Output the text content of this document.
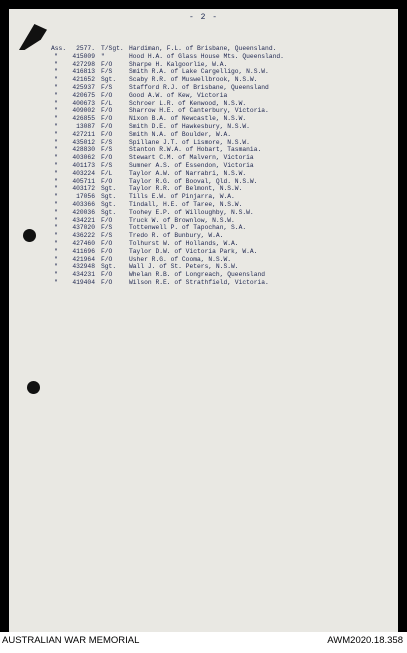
- 2 -
Ass.	2577. T/Sgt. Hardiman, F.L. of Brisbane, Queensland.
"	415009 "	Hood H.A. of Glass House Mts. Queensland.
"	427298 F/O	Sharpe H. Kalgoorlie, W.A.
"	416813 F/S	Smith R.A. of Lake Cargelligo, N.S.W.
"	421652 Sgt.	Scaby R.R. of Muswellbrook, N.S.W.
"	425937 F/S	Stafford R.J. of Brisbane, Queensland
"	420675 F/O	Good A.W. of Kew, Victoria
"	400673 F/L	Schroer L.R. of Kenwood, N.S.W.
"	409002 F/O	Sharrow H.E. of Canterbury, Victoria.
"	426855 F/O	Nixon B.A. of Newcastle, N.S.W.
"	13087 F/O	Smith D.E. of Hawkesbury, N.S.W.
"	427211 F/O	Smith N.A. of Boulder, W.A.
"	435012 F/S	Spillane J.T. of Lismore, N.S.W.
"	428830 F/S	Stanton R.W.A. of Hobart, Tasmania.
"	403062 F/O	Stewart C.M. of Malvern, Victoria
"	401173 F/S	Sumner A.S. of Essendon, Victoria
"	403224 F/L	Taylor A.W. of Narrabri, N.S.W.
"	405711 F/O	Taylor R.G. of Booval, Qld. N.S.W.
"	403172 Sgt.	Taylor R.R. of Belmont, N.S.W.
"	17056 Sgt.	Tills E.W. of Pinjarra, W.A.
"	403366 Sgt.	Tindall, H.E. of Taree, N.S.W.
"	420036 Sgt.	Toohey E.P. of Willoughby, N.S.W.
"	434221 F/O	Truck W. of Brownlow, N.S.W.
"	437020 F/S	Tottenwell P. of Tapochan, S.A.
"	436222 F/S	Tredo R. of Bunbury, W.A.
"	427460 F/O	Tolhurst W. of Hollands, W.A.
"	411696 F/O	Taylor D.W. of Victoria Park, W.A.
"	421964 F/O	Usher R.G. of Cooma, N.S.W.
"	432948 Sgt.	Wall J. of St. Peters, N.S.W.
"	434231 F/O	Whelan R.B. of Longreach, Queensland
"	419404 F/O	Wilson R.E. of Strathfield, Victoria.
AUSTRALIAN WAR MEMORIAL	AWM2020.18.358
